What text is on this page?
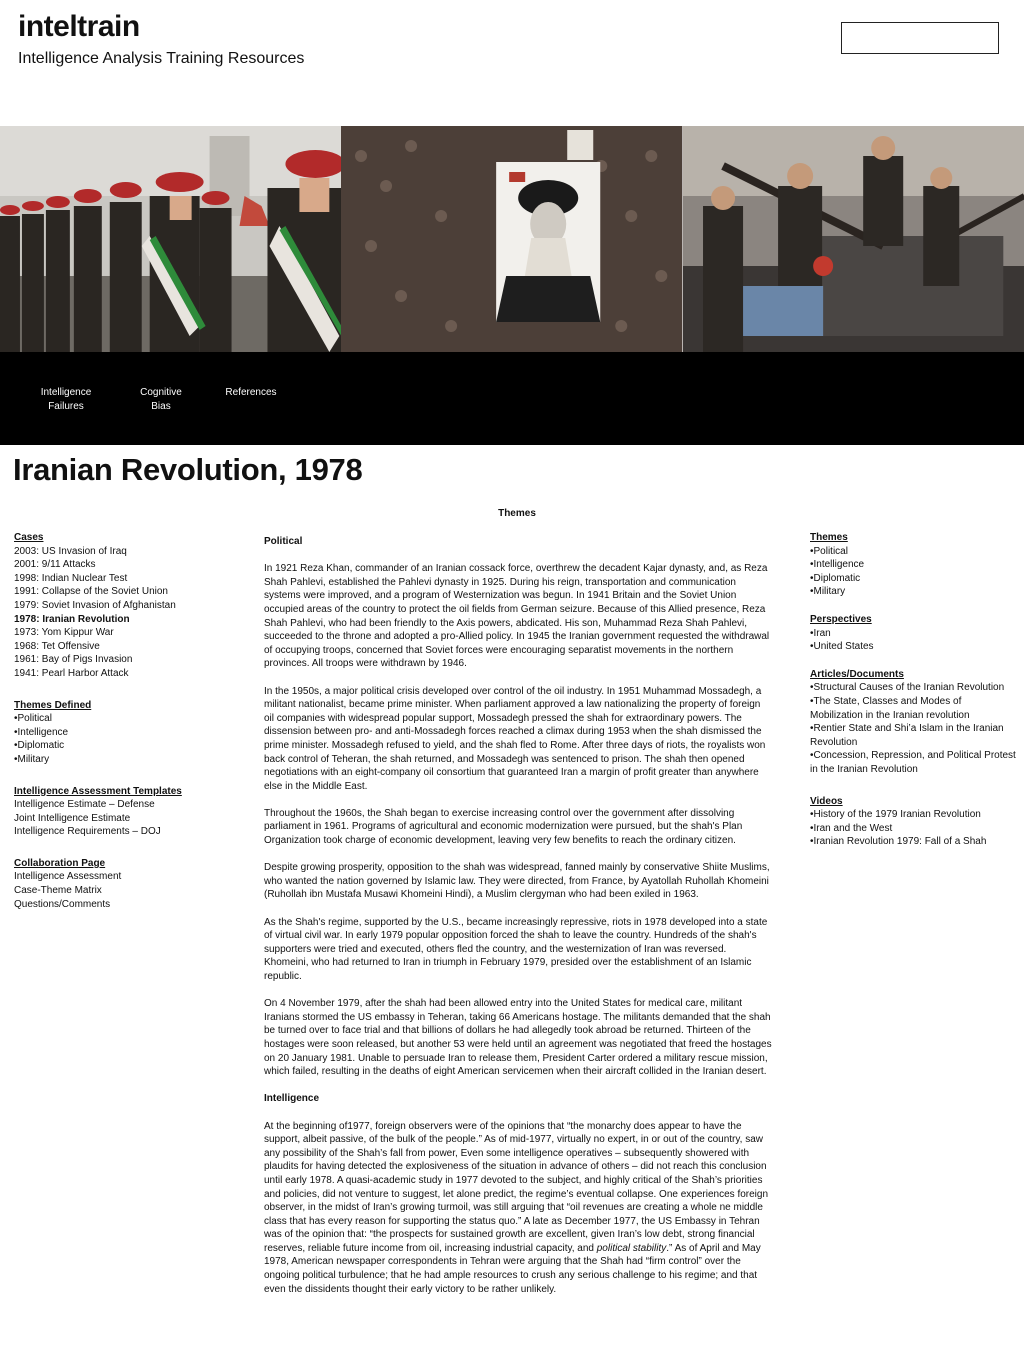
inteltrain
Intelligence Analysis Training Resources
Intelligence
Failures
Cognitive
Bias
References
Iranian Revolution, 1978
Themes
Cases
2003: US Invasion of Iraq
2001: 9/11 Attacks
1998: Indian Nuclear Test
1991: Collapse of the Soviet Union
1979: Soviet Invasion of Afghanistan
1978: Iranian Revolution
1973: Yom Kippur War
1968: Tet Offensive
1961: Bay of Pigs Invasion
1941: Pearl Harbor Attack
Themes Defined
•Political
•Intelligence
•Diplomatic
•Military
Intelligence Assessment Templates
Intelligence Estimate – Defense
Joint Intelligence Estimate
Intelligence Requirements – DOJ
Collaboration Page
Intelligence Assessment
Case-Theme Matrix
Questions/Comments

Political

In 1921 Reza Khan, commander of an Iranian cossack force, overthrew the decadent Kajar dynasty, and, as Reza Shah Pahlevi, established the Pahlevi dynasty in 1925. During his reign, transportation and communication systems were improved, and a program of Westernization was begun. In 1941 Britain and the Soviet Union occupied areas of the country to protect the oil fields from German seizure. Because of this Allied presence, Reza Shah Pahlevi, who had been friendly to the Axis powers, abdicated. His son, Muhammad Reza Shah Pahlevi, succeeded to the throne and adopted a pro-Allied policy. In 1945 the Iranian government requested the withdrawal of occupying troops, concerned that Soviet forces were encouraging separatist movements in the northern provinces. All troops were withdrawn by 1946.

In the 1950s, a major political crisis developed over control of the oil industry. In 1951 Muhammad Mossadegh, a militant nationalist, became prime minister. When parliament approved a law nationalizing the property of foreign oil companies with widespread popular support, Mossadegh pressed the shah for extraordinary powers. The dissension between pro- and anti-Mossadegh forces reached a climax during 1953 when the shah dismissed the prime minister. Mossadegh refused to yield, and the shah fled to Rome. After three days of riots, the royalists won back control of Teheran, the shah returned, and Mossadegh was sentenced to prison. The shah then opened negotiations with an eight-company oil consortium that guaranteed Iran a margin of profit greater than anywhere else in the Middle East.

Throughout the 1960s, the Shah began to exercise increasing control over the government after dissolving parliament in 1961. Programs of agricultural and economic modernization were pursued, but the shah's Plan Organization took charge of economic development, leaving very few benefits to reach the ordinary citizen.

Despite growing prosperity, opposition to the shah was widespread, fanned mainly by conservative Shiite Muslims, who wanted the nation governed by Islamic law. They were directed, from France, by Ayatollah Ruhollah Khomeini (Ruhollah ibn Mustafa Musawi Khomeini Hindi), a Muslim clergyman who had been exiled in 1963.

As the Shah's regime, supported by the U.S., became increasingly repressive, riots in 1978 developed into a state of virtual civil war. In early 1979 popular opposition forced the shah to leave the country. Hundreds of the shah's supporters were tried and executed, others fled the country, and the westernization of Iran was reversed. Khomeini, who had returned to Iran in triumph in February 1979, presided over the establishment of an Islamic republic.

On 4 November 1979, after the shah had been allowed entry into the United States for medical care, militant Iranians stormed the US embassy in Teheran, taking 66 Americans hostage. The militants demanded that the shah be turned over to face trial and that billions of dollars he had allegedly took abroad be returned. Thirteen of the hostages were soon released, but another 53 were held until an agreement was negotiated that freed the hostages on 20 January 1981. Unable to persuade Iran to release them, President Carter ordered a military rescue mission, which failed, resulting in the deaths of eight American servicemen when their aircraft collided in the Iranian desert.

Intelligence

At the beginning of1977, foreign observers were of the opinions that “the monarchy does appear to have the support, albeit passive, of the bulk of the people.” As of mid-1977, virtually no expert, in or out of the country, saw any possibility of the Shah’s fall from power, Even some intelligence operatives – subsequently showered with plaudits for having detected the explosiveness of the situation in advance of others – did not reach this conclusion until early 1978. A quasi-academic study in 1977 devoted to the subject, and highly critical of the Shah’s priorities and policies, did not venture to suggest, let alone predict, the regime’s eventual collapse. One experiences foreign observer, in the midst of Iran’s growing turmoil, was still arguing that “oil revenues are creating a whole ne middle class that has every reason for supporting the status quo.” A late as December 1977, the US Embassy in Tehran was of the opinion that: “the prospects for sustained growth are excellent, given Iran’s low debt, strong financial reserves, reliable future income from oil, increasing industrial capacity, and political stability.” As of April and May 1978, American newspaper correspondents in Tehran were arguing that the Shah had “firm control” over the ongoing political turbulence; that he had ample resources to crush any serious challenge to his regime; and that even the dissidents thought their early victory to be rather unlikely.

Themes
•Political
•Intelligence
•Diplomatic
•Military
Perspectives
•Iran
•United States
Articles/Documents
•Structural Causes of the Iranian Revolution
•The State, Classes and Modes of Mobilization in the Iranian revolution
•Rentier State and Shi’a Islam in the Iranian Revolution
•Concession, Repression, and Political Protest in the Iranian Revolution
Videos
•History of the 1979 Iranian Revolution
•Iran and the West
•Iranian Revolution 1979: Fall of a Shah
